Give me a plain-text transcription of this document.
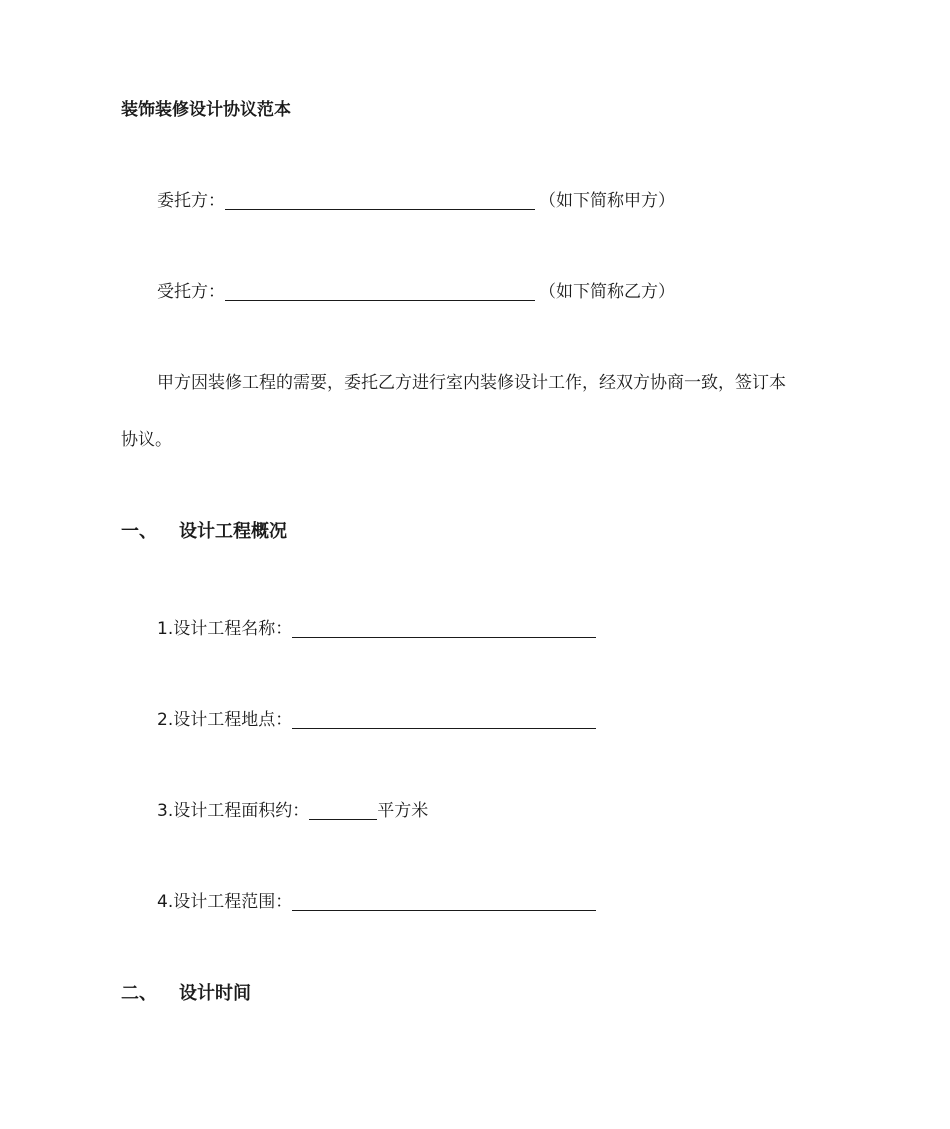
装饰装修设计协议范本
委托方：	（如下简称甲方）
受托方：	（如下简称乙方）
甲方因装修工程的需要，委托乙方进行室内装修设计工作，经双方协商一致，签订本
协议。
一、 设计工程概况
1.设计工程名称：
2.设计工程地点：
3.设计工程面积约：	平方米
4.设计工程范围：
二、 设计时间
